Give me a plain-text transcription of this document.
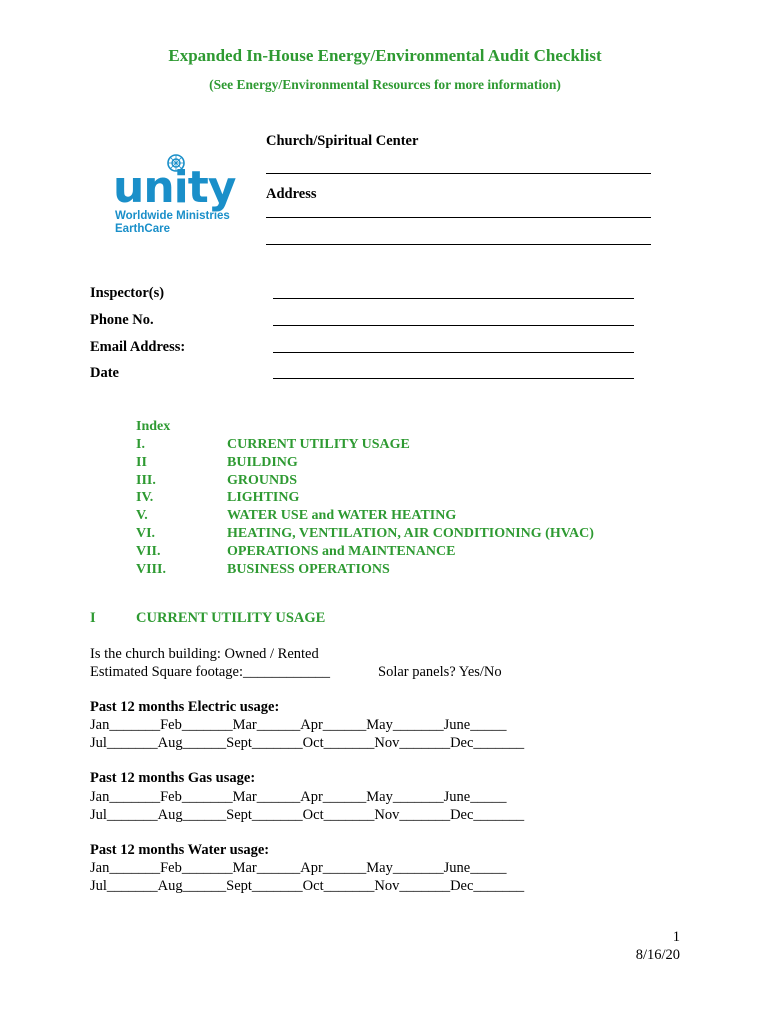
Expanded In-House Energy/Environmental Audit Checklist
(See Energy/Environmental Resources for more information)
unity
Worldwide Ministries
EarthCare
Church/Spiritual Center
Address
Inspector(s)
Phone No.
Email Address:
Date
Index
I.	CURRENT UTILITY USAGE
II	BUILDING
III.	GROUNDS
IV.	LIGHTING
V.	WATER USE and WATER HEATING
VI.	HEATING, VENTILATION, AIR CONDITIONING (HVAC)
VII.	OPERATIONS and MAINTENANCE
VIII.	BUSINESS OPERATIONS
I	CURRENT UTILITY USAGE
Is the church building: Owned / Rented
Estimated Square footage:____________	Solar panels? Yes/No
Past 12 months Electric usage:
Jan_______Feb_______Mar______Apr______May_______June_____
Jul_______Aug______Sept_______Oct_______Nov_______Dec_______
Past 12 months Gas usage:
Jan_______Feb_______Mar______Apr______May_______June_____
Jul_______Aug______Sept_______Oct_______Nov_______Dec_______
Past 12 months Water usage:
Jan_______Feb_______Mar______Apr______May_______June_____
Jul_______Aug______Sept_______Oct_______Nov_______Dec_______
1
8/16/20
